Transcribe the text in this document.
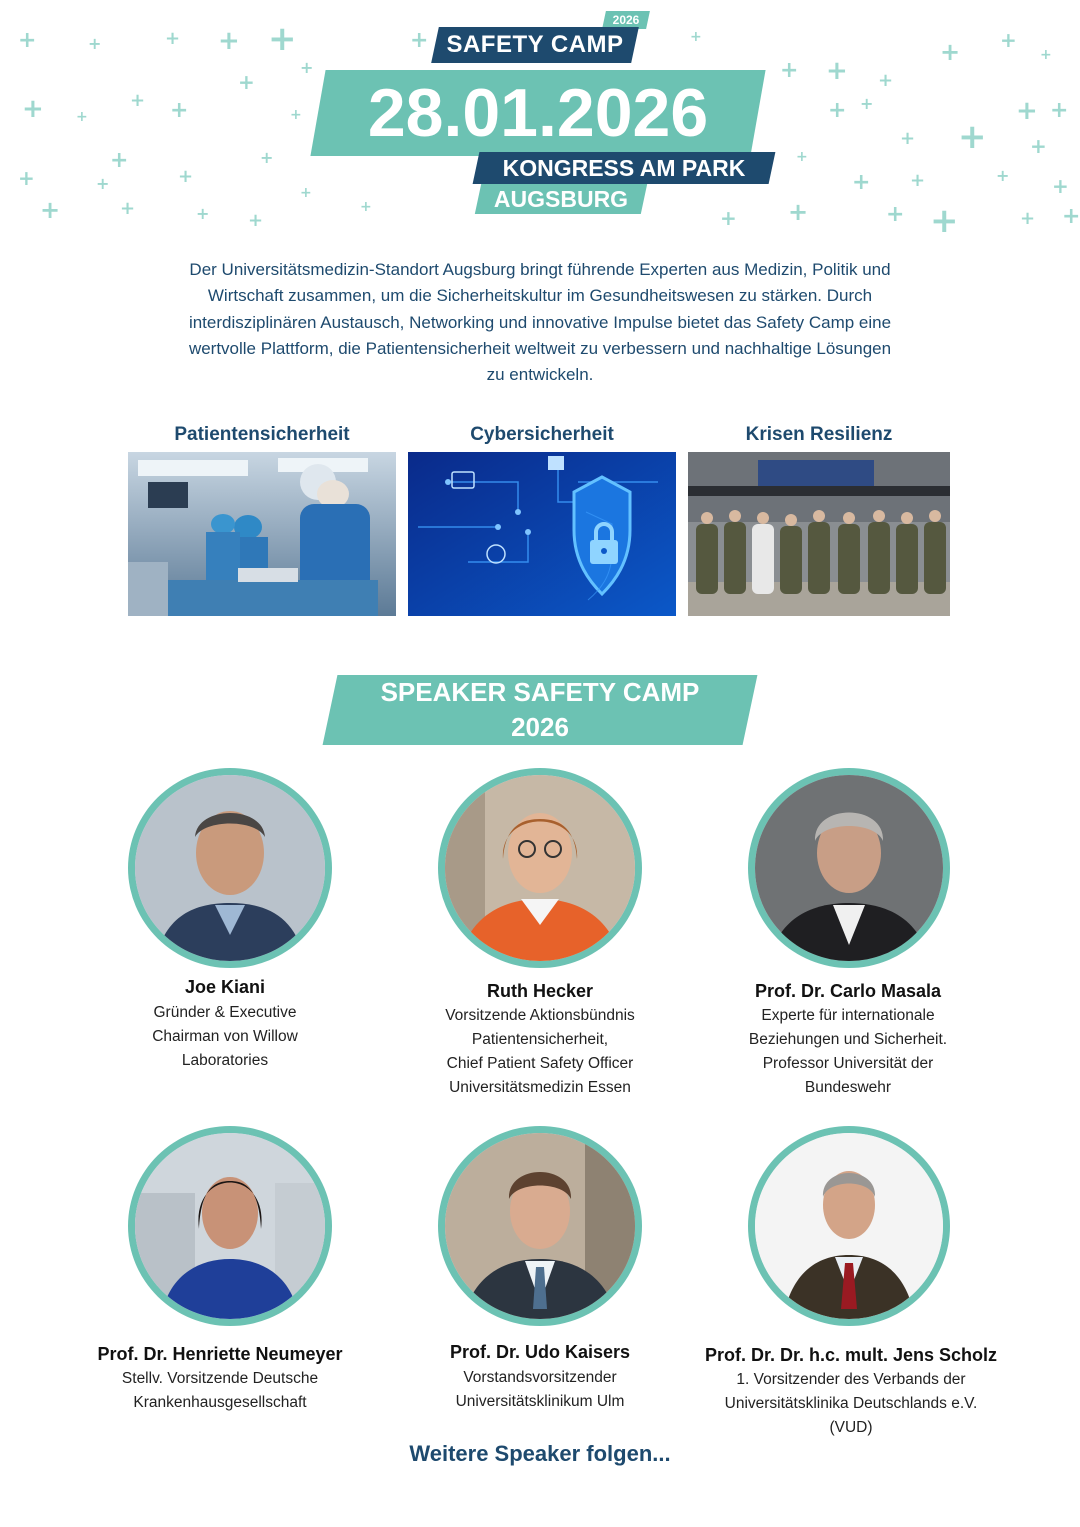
+	+	+ + +
+
+
+ +
+ +
+
+
+	+
+
+
+
+	+	+ +
+
+ + +
+ +
+
+ +
+ +
+ +
+
+
+ +	+ +
+ +	+ +	+ +
+
+
2026
SAFETY CAMP
28.01.2026
KONGRESS AM PARK
AUGSBURG
Der Universitätsmedizin-Standort Augsburg bringt führende Experten aus Medizin, Politik und
Wirtschaft zusammen, um die Sicherheitskultur im Gesundheitswesen zu stärken. Durch
interdisziplinären Austausch, Networking und innovative Impulse bietet das Safety Camp eine
wertvolle Plattform, die Patientensicherheit weltweit zu verbessern und nachhaltige Lösungen
zu entwickeln.
Patientensicherheit	Cybersicherheit	Krisen Resilienz
SPEAKER SAFETY CAMP
2026
Joe Kiani
Gründer & Executive
Chairman von Willow
Laboratories
Ruth Hecker
Vorsitzende Aktionsbündnis
Patientensicherheit,
Chief Patient Safety Officer
Universitätsmedizin Essen
Prof. Dr. Carlo Masala
Experte für internationale
Beziehungen und Sicherheit.
Professor Universität der
Bundeswehr
Prof. Dr. Henriette Neumeyer
Stellv. Vorsitzende Deutsche
Krankenhausgesellschaft
Prof. Dr. Udo Kaisers
Vorstandsvorsitzender
Universitätsklinikum Ulm
Prof. Dr. Dr. h.c. mult. Jens Scholz
1. Vorsitzender des Verbands der
Universitätsklinika Deutschlands e.V.
(VUD)
Weitere Speaker folgen...
